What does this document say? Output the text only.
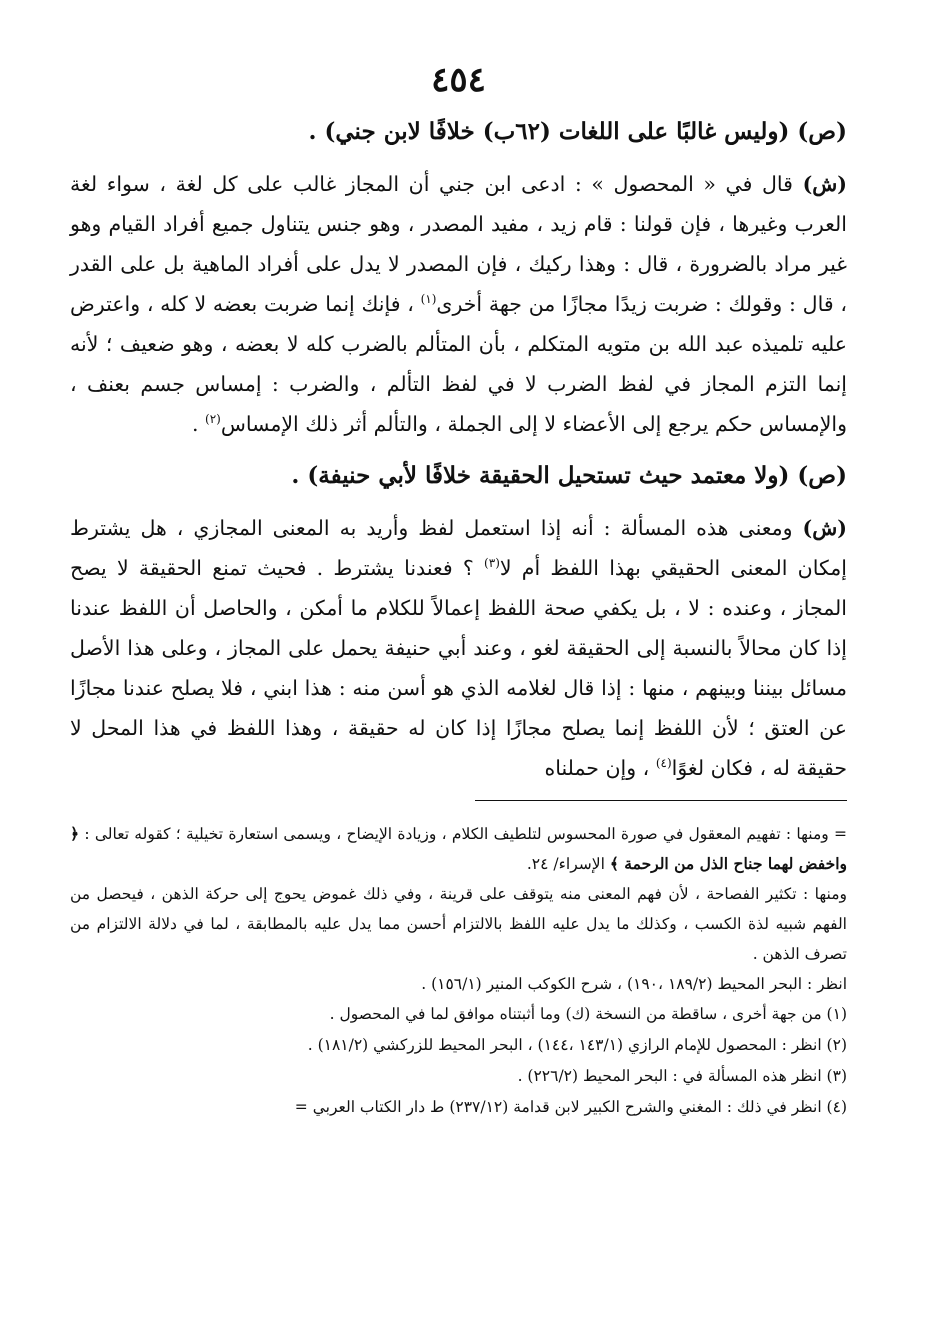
٤٥٤

(ص) (وليس غالبًا على اللغات (٦٢ب) خلافًا لابن جني) .

(ش) قال في « المحصول » : ادعى ابن جني أن المجاز غالب على كل لغة ، سواء لغة العرب وغيرها ، فإن قولنا : قام زيد ، مفيد المصدر ، وهو جنس يتناول جميع أفراد القيام وهو غير مراد بالضرورة ، قال : وهذا ركيك ، فإن المصدر لا يدل على أفراد الماهية بل على القدر ، قال : وقولك : ضربت زيدًا مجازًا من جهة أخرى$^{(١)}$ ، فإنك إنما ضربت بعضه لا كله ، واعترض عليه تلميذه عبد الله بن متويه المتكلم ، بأن المتألم بالضرب كله لا بعضه ، وهو ضعيف ؛ لأنه إنما التزم المجاز في لفظ الضرب لا في لفظ التألم ، والضرب : إمساس جسم بعنف ، والإمساس حكم يرجع إلى الأعضاء لا إلى الجملة ، والتألم أثر ذلك الإمساس$^{(٢)}$ .

(ص) (ولا معتمد حيث تستحيل الحقيقة خلافًا لأبي حنيفة) .

(ش) ومعنى هذه المسألة : أنه إذا استعمل لفظ وأريد به المعنى المجازي ، هل يشترط إمكان المعنى الحقيقي بهذا اللفظ أم لا$^{(٣)}$ ؟ فعندنا يشترط . فحيث تمنع الحقيقة لا يصح المجاز ، وعنده : لا ، بل يكفي صحة اللفظ إعمالاً للكلام ما أمكن ، والحاصل أن اللفظ عندنا إذا كان محالاً بالنسبة إلى الحقيقة لغو ، وعند أبي حنيفة يحمل على المجاز ، وعلى هذا الأصل مسائل بيننا وبينهم ، منها : إذا قال لغلامه الذي هو أسن منه : هذا ابني ، فلا يصلح عندنا مجازًا عن العتق ؛ لأن اللفظ إنما يصلح مجازًا إذا كان له حقيقة ، وهذا اللفظ في هذا المحل لا حقيقة له ، فكان لغوًا$^{(٤)}$ ، وإن حملناه

= ومنها : تفهيم المعقول في صورة المحسوس لتلطيف الكلام ، وزيادة الإيضاح ، ويسمى استعارة تخيلية ؛ كقوله تعالى : ﴿ واخفض لهما جناح الذل من الرحمة ﴾ الإسراء/ ٢٤.

ومنها : تكثير الفصاحة ، لأن فهم المعنى منه يتوقف على قرينة ، وفي ذلك غموض يحوج إلى حركة الذهن ، فيحصل من الفهم شبيه لذة الكسب ، وكذلك ما يدل عليه اللفظ بالالتزام أحسن مما يدل عليه بالمطابقة ، لما في دلالة الالتزام من تصرف الذهن .

انظر : البحر المحيط (١٨٩/٢ ،١٩٠) ، شرح الكوكب المنير (١٥٦/١) .

(١) من جهة أخرى ، ساقطة من النسخة (ك) وما أثبتناه موافق لما في المحصول .

(٢) انظر : المحصول للإمام الرازي (١٤٣/١ ،١٤٤) ، البحر المحيط للزركشي (١٨١/٢) .

(٣) انظر هذه المسألة في : البحر المحيط (٢٢٦/٢) .

(٤) انظر في ذلك : المغني والشرح الكبير لابن قدامة (٢٣٧/١٢) ط دار الكتاب العربي =
